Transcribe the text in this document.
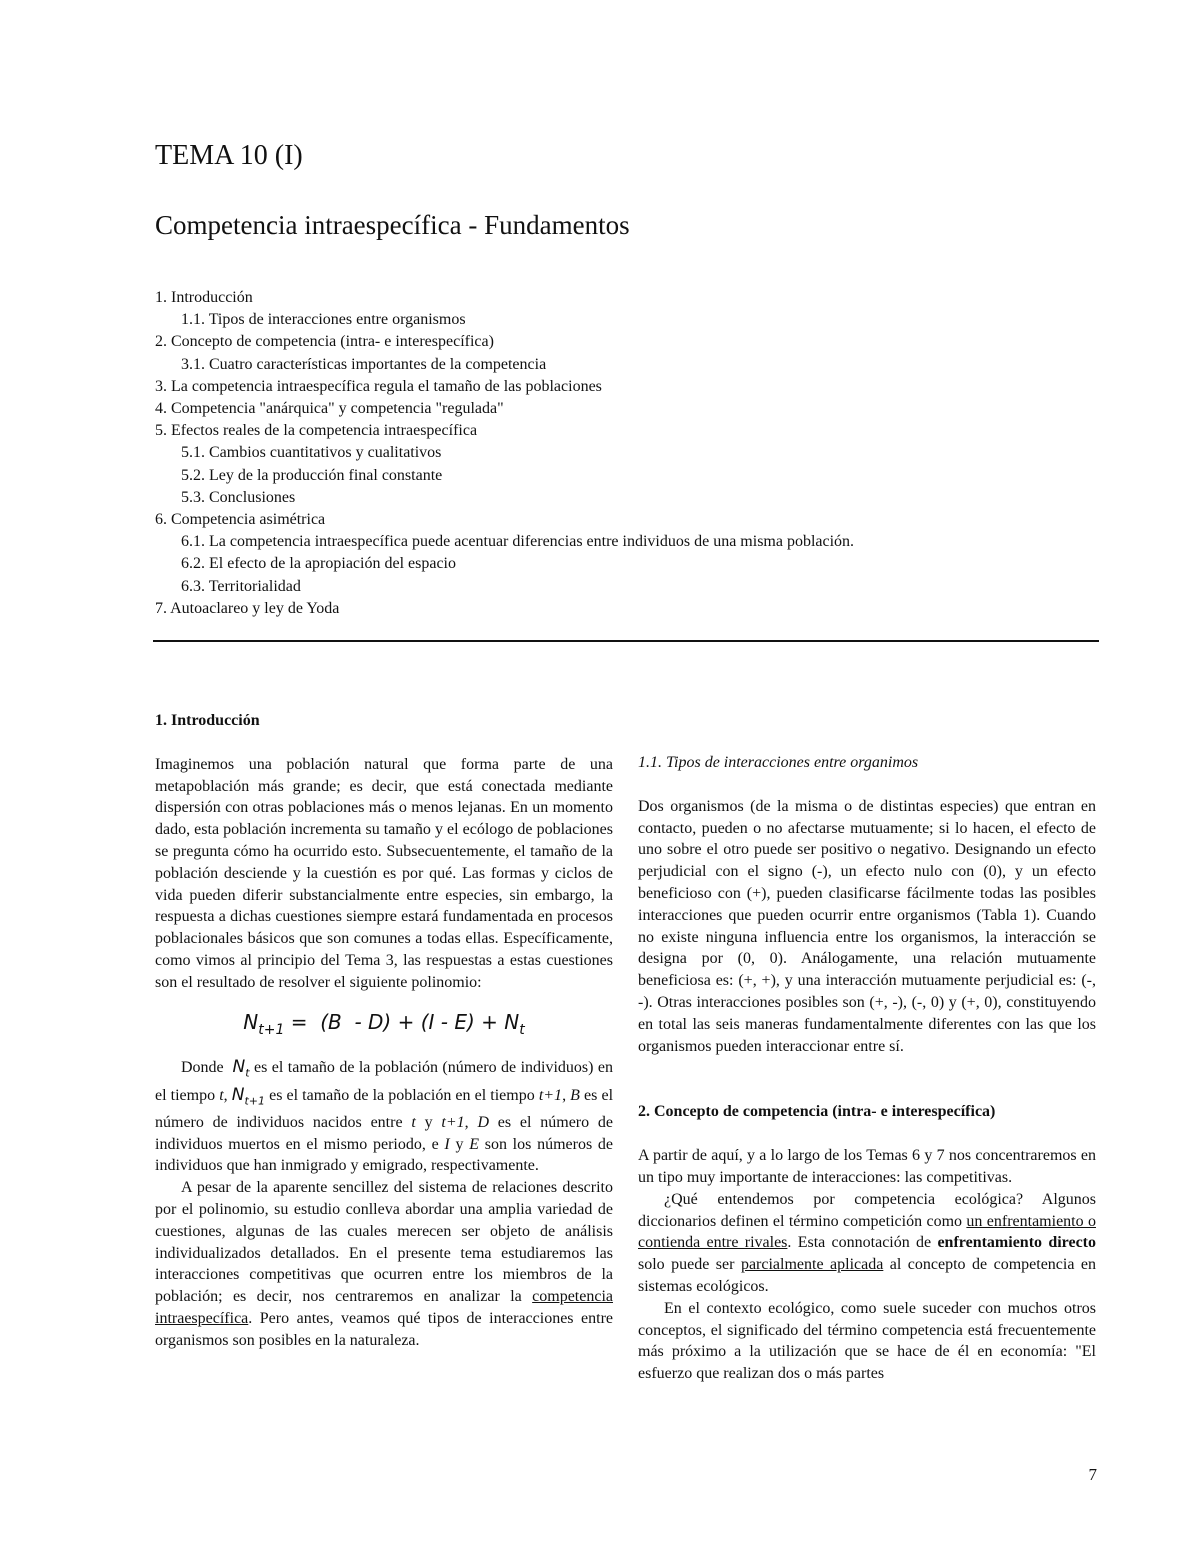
TEMA 10 (I)
Competencia intraespecífica - Fundamentos
1. Introducción
1.1. Tipos de interacciones entre organismos
2. Concepto de competencia (intra- e interespecífica)
3.1. Cuatro características importantes de la competencia
3. La competencia intraespecífica regula el tamaño de las poblaciones
4. Competencia "anárquica" y competencia "regulada"
5. Efectos reales de la competencia intraespecífica
5.1. Cambios cuantitativos y cualitativos
5.2. Ley de la producción final constante
5.3. Conclusiones
6. Competencia asimétrica
6.1. La competencia intraespecífica puede acentuar diferencias entre individuos de una misma población.
6.2. El efecto de la apropiación del espacio
6.3. Territorialidad
7. Autoaclareo y ley de Yoda

1. Introducción

Imaginemos una población natural que forma parte de una metapoblación más grande; es decir, que está conectada mediante dispersión con otras poblaciones más o menos lejanas. En un momento dado, esta población incrementa su tamaño y el ecólogo de poblaciones se pregunta cómo ha ocurrido esto. Subsecuentemente, el tamaño de la población desciende y la cuestión es por qué. Las formas y ciclos de vida pueden diferir substancialmente entre especies, sin embargo, la respuesta a dichas cuestiones siempre estará fundamentada en procesos poblacionales básicos que son comunes a todas ellas. Específicamente, como vimos al principio del Tema 3, las respuestas a estas cuestiones son el resultado de resolver el siguiente polinomio:

$N_{t+1} = (B - D) + (I - E) + N_t$

Donde  $N_t$ es el tamaño de la población (número de individuos) en el tiempo t, $N_{t+1}$ es el tamaño de la población en el tiempo t+1, B es el número de individuos nacidos entre t y t+1, D es el número de individuos muertos en el mismo periodo, e I y E son los números de individuos que han inmigrado y emigrado, respectivamente.

A pesar de la aparente sencillez del sistema de relaciones descrito por el polinomio, su estudio conlleva abordar una amplia variedad de cuestiones, algunas de las cuales merecen ser objeto de análisis individualizados detallados. En el presente tema estudiaremos las interacciones competitivas que ocurren entre los miembros de la población; es decir, nos centraremos en analizar la competencia intraespecífica. Pero antes, veamos qué tipos de interacciones entre organismos son posibles en la naturaleza.

1.1. Tipos de interacciones entre organimos

Dos organismos (de la misma o de distintas especies) que entran en contacto, pueden o no afectarse mutuamente; si lo hacen, el efecto de uno sobre el otro puede ser positivo o negativo. Designando un efecto perjudicial con el signo (-), un efecto nulo con (0), y un efecto beneficioso con (+), pueden clasificarse fácilmente todas las posibles interacciones que pueden ocurrir entre organismos (Tabla 1). Cuando no existe ninguna influencia entre los organismos, la interacción se designa por (0, 0). Análogamente, una relación mutuamente beneficiosa es: (+, +), y una interacción mutuamente perjudicial es: (-, -). Otras interacciones posibles son (+, -), (-, 0) y (+, 0), constituyendo en total las seis maneras fundamentalmente diferentes con las que los organismos pueden interaccionar entre sí.

2. Concepto de competencia (intra- e interespecífica)

A partir de aquí, y a lo largo de los Temas 6 y 7 nos concentraremos en un tipo muy importante de interacciones: las competitivas.

¿Qué entendemos por competencia ecológica? Algunos diccionarios definen el término competición como un enfrentamiento o contienda entre rivales. Esta connotación de enfrentamiento directo solo puede ser parcialmente aplicada al concepto de competencia en sistemas ecológicos.

En el contexto ecológico, como suele suceder con muchos otros conceptos, el significado del término competencia está frecuentemente más próximo a la utilización que se hace de él en economía: "El esfuerzo que realizan dos o más partes

7
